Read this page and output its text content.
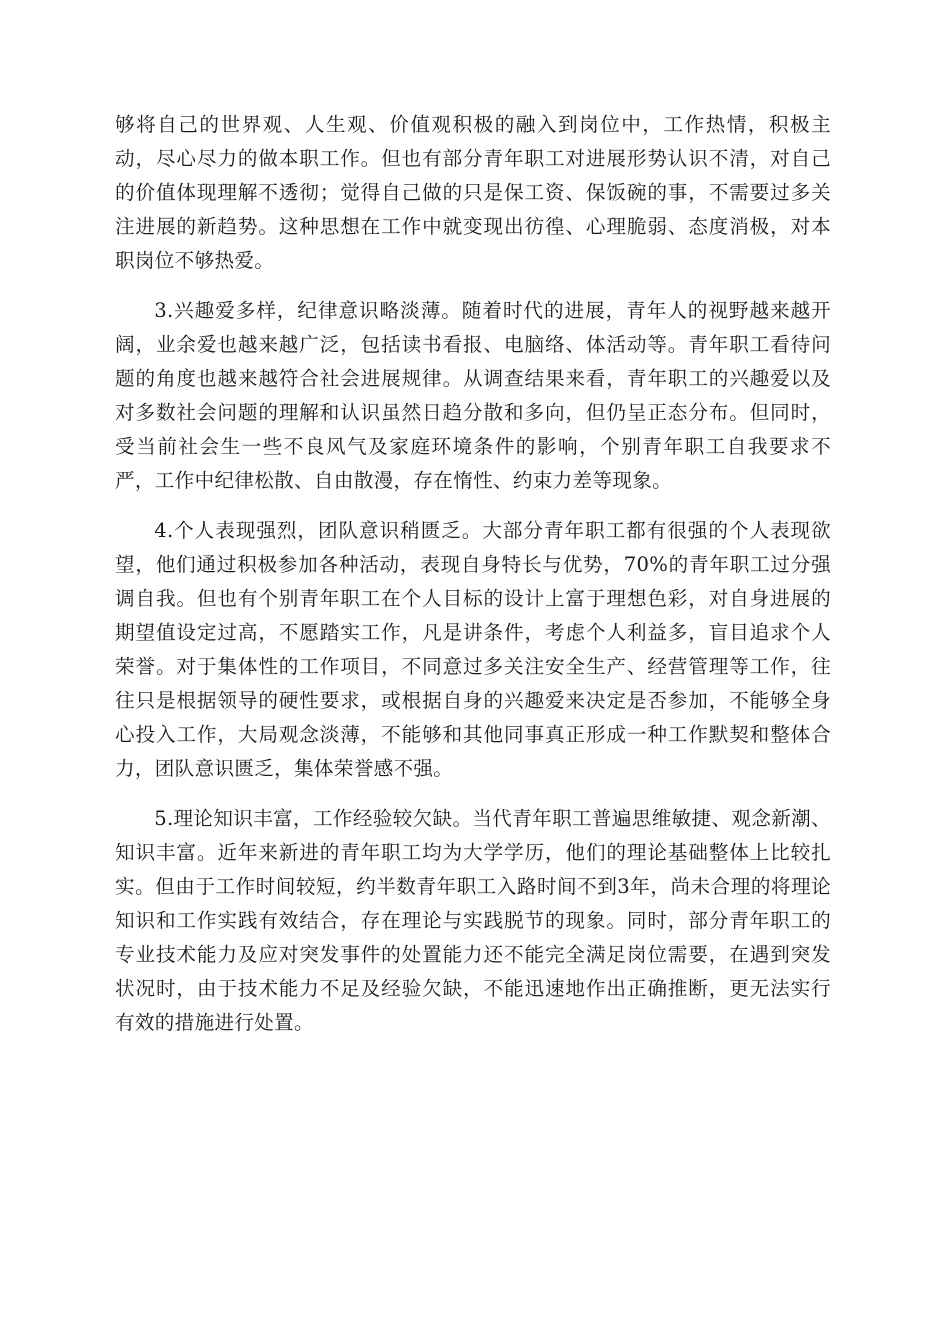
够将自己的世界观、人生观、价值观积极的融入到岗位中，工作热情，积极主动，尽心尽力的做本职工作。但也有部分青年职工对进展形势认识不清，对自己的价值体现理解不透彻；觉得自己做的只是保工资、保饭碗的事，不需要过多关注进展的新趋势。这种思想在工作中就变现出彷徨、心理脆弱、态度消极，对本职岗位不够热爱。

3.兴趣爱多样，纪律意识略淡薄。随着时代的进展，青年人的视野越来越开阔，业余爱也越来越广泛，包括读书看报、电脑络、体活动等。青年职工看待问题的角度也越来越符合社会进展规律。从调查结果来看，青年职工的兴趣爱以及对多数社会问题的理解和认识虽然日趋分散和多向，但仍呈正态分布。但同时，受当前社会生一些不良风气及家庭环境条件的影响，个别青年职工自我要求不严，工作中纪律松散、自由散漫，存在惰性、约束力差等现象。

4.个人表现强烈，团队意识稍匮乏。大部分青年职工都有很强的个人表现欲望，他们通过积极参加各种活动，表现自身特长与优势，70%的青年职工过分强调自我。但也有个别青年职工在个人目标的设计上富于理想色彩，对自身进展的期望值设定过高，不愿踏实工作，凡是讲条件，考虑个人利益多，盲目追求个人荣誉。对于集体性的工作项目，不同意过多关注安全生产、经营管理等工作，往往只是根据领导的硬性要求，或根据自身的兴趣爱来决定是否参加，不能够全身心投入工作，大局观念淡薄，不能够和其他同事真正形成一种工作默契和整体合力，团队意识匮乏，集体荣誉感不强。

5.理论知识丰富，工作经验较欠缺。当代青年职工普遍思维敏捷、观念新潮、知识丰富。近年来新进的青年职工均为大学学历，他们的理论基础整体上比较扎实。但由于工作时间较短，约半数青年职工入路时间不到3年，尚未合理的将理论知识和工作实践有效结合，存在理论与实践脱节的现象。同时，部分青年职工的专业技术能力及应对突发事件的处置能力还不能完全满足岗位需要，在遇到突发状况时，由于技术能力不足及经验欠缺，不能迅速地作出正确推断，更无法实行有效的措施进行处置。
